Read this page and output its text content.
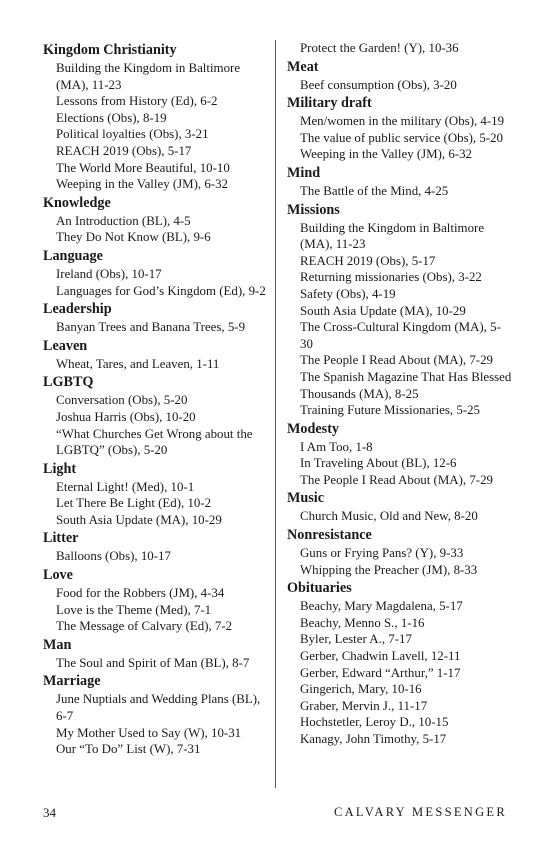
Kingdom Christianity
Building the Kingdom in Baltimore (MA), 11-23
Lessons from History (Ed), 6-2
Elections (Obs), 8-19
Political loyalties (Obs), 3-21
REACH 2019 (Obs), 5-17
The World More Beautiful, 10-10
Weeping in the Valley (JM), 6-32
Knowledge
An Introduction (BL), 4-5
They Do Not Know (BL), 9-6
Language
Ireland (Obs), 10-17
Languages for God’s Kingdom (Ed), 9-2
Leadership
Banyan Trees and Banana Trees, 5-9
Leaven
Wheat, Tares, and Leaven, 1-11
LGBTQ
Conversation (Obs), 5-20
Joshua Harris (Obs), 10-20
“What Churches Get Wrong about the LGBTQ” (Obs), 5-20
Light
Eternal Light! (Med), 10-1
Let There Be Light (Ed), 10-2
South Asia Update (MA), 10-29
Litter
Balloons (Obs), 10-17
Love
Food for the Robbers (JM), 4-34
Love is the Theme (Med), 7-1
The Message of Calvary (Ed), 7-2
Man
The Soul and Spirit of Man (BL), 8-7
Marriage
June Nuptials and Wedding Plans (BL), 6-7
My Mother Used to Say (W), 10-31
Our “To Do” List (W), 7-31
Protect the Garden! (Y), 10-36
Meat
Beef consumption (Obs), 3-20
Military draft
Men/women in the military (Obs), 4-19
The value of public service (Obs), 5-20
Weeping in the Valley (JM), 6-32
Mind
The Battle of the Mind, 4-25
Missions
Building the Kingdom in Baltimore (MA), 11-23
REACH 2019 (Obs), 5-17
Returning missionaries (Obs), 3-22
Safety (Obs), 4-19
South Asia Update (MA), 10-29
The Cross-Cultural Kingdom (MA), 5-30
The People I Read About (MA), 7-29
The Spanish Magazine That Has Blessed Thousands (MA), 8-25
Training Future Missionaries, 5-25
Modesty
I Am Too, 1-8
In Traveling About (BL), 12-6
The People I Read About (MA), 7-29
Music
Church Music, Old and New, 8-20
Nonresistance
Guns or Frying Pans? (Y), 9-33
Whipping the Preacher (JM), 8-33
Obituaries
Beachy, Mary Magdalena, 5-17
Beachy, Menno S., 1-16
Byler, Lester A., 7-17
Gerber, Chadwin Lavell, 12-11
Gerber, Edward “Arthur,” 1-17
Gingerich, Mary, 10-16
Graber, Mervin J., 11-17
Hochstetler, Leroy D., 10-15
Kanagy, John Timothy, 5-17
34	CALVARY MESSENGER
